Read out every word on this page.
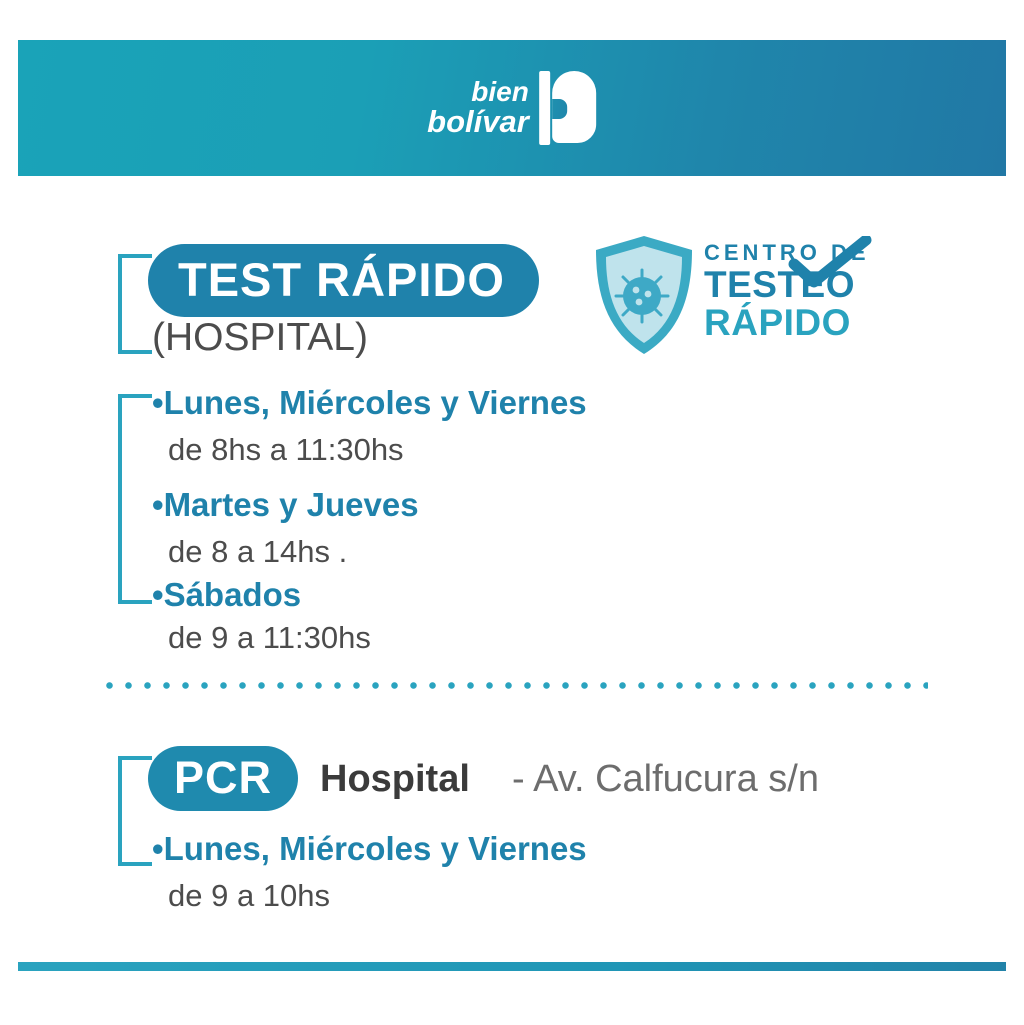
bien
bolívar
TEST RÁPIDO
(HOSPITAL)
CENTRO DE
TESTEO
RÁPIDO
•Lunes, Miércoles y Viernes
de 8hs a 11:30hs
•Martes y Jueves
de 8 a 14hs .
•Sábados
de 9 a 11:30hs
PCR	Hospital - Av. Calfucura s/n
•Lunes, Miércoles y Viernes
de 9 a 10hs
